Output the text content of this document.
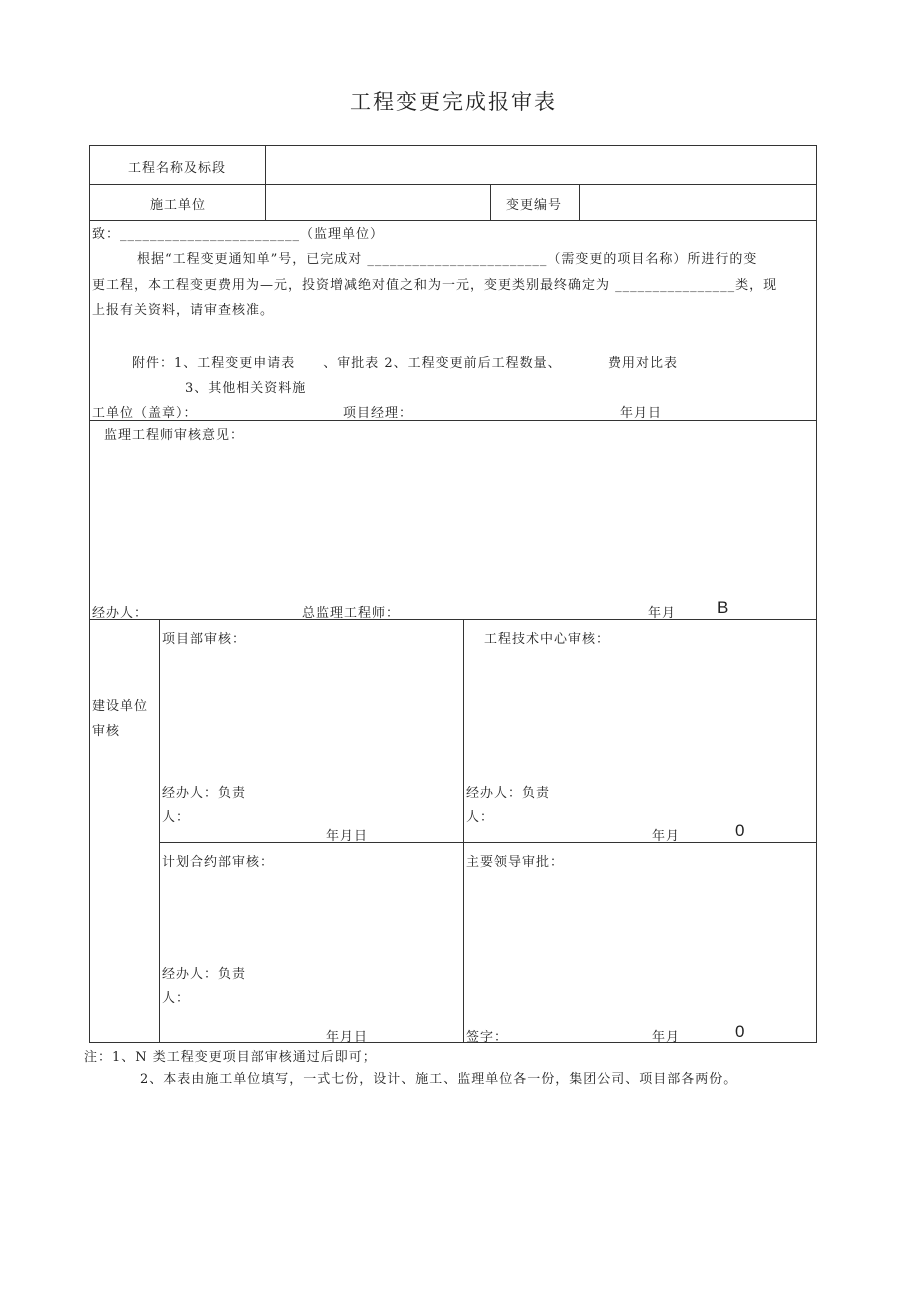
工程变更完成报审表
工程名称及标段
施工单位	变更编号
致：________________________（监理单位）
根据“工程变更通知单”号，已完成对 ________________________（需变更的项目名称）所进行的变
更工程，本工程变更费用为—元，投资增减绝对值之和为一元，变更类别最终确定为 ________________类，现
上报有关资料，请审查核准。
附件：1、工程变更申请表　　、审批表 2、工程变更前后工程数量、	费用对比表
3、其他相关资料施
工单位（盖章）：	项目经理：	年月日
监理工程师审核意见：
经办人：	总监理工程师：	年月 B
建设单位
审核
项目部审核：
经办人：负责
人：
年月日
工程技术中心审核：
经办人：负责
人：
年月	0
计划合约部审核：
经办人：负责
人：
年月日
主要领导审批：
签字：	年月	0
注：1、N 类工程变更项目部审核通过后即可；
2、本表由施工单位填写，一式七份，设计、施工、监理单位各一份，集团公司、项目部各两份。
